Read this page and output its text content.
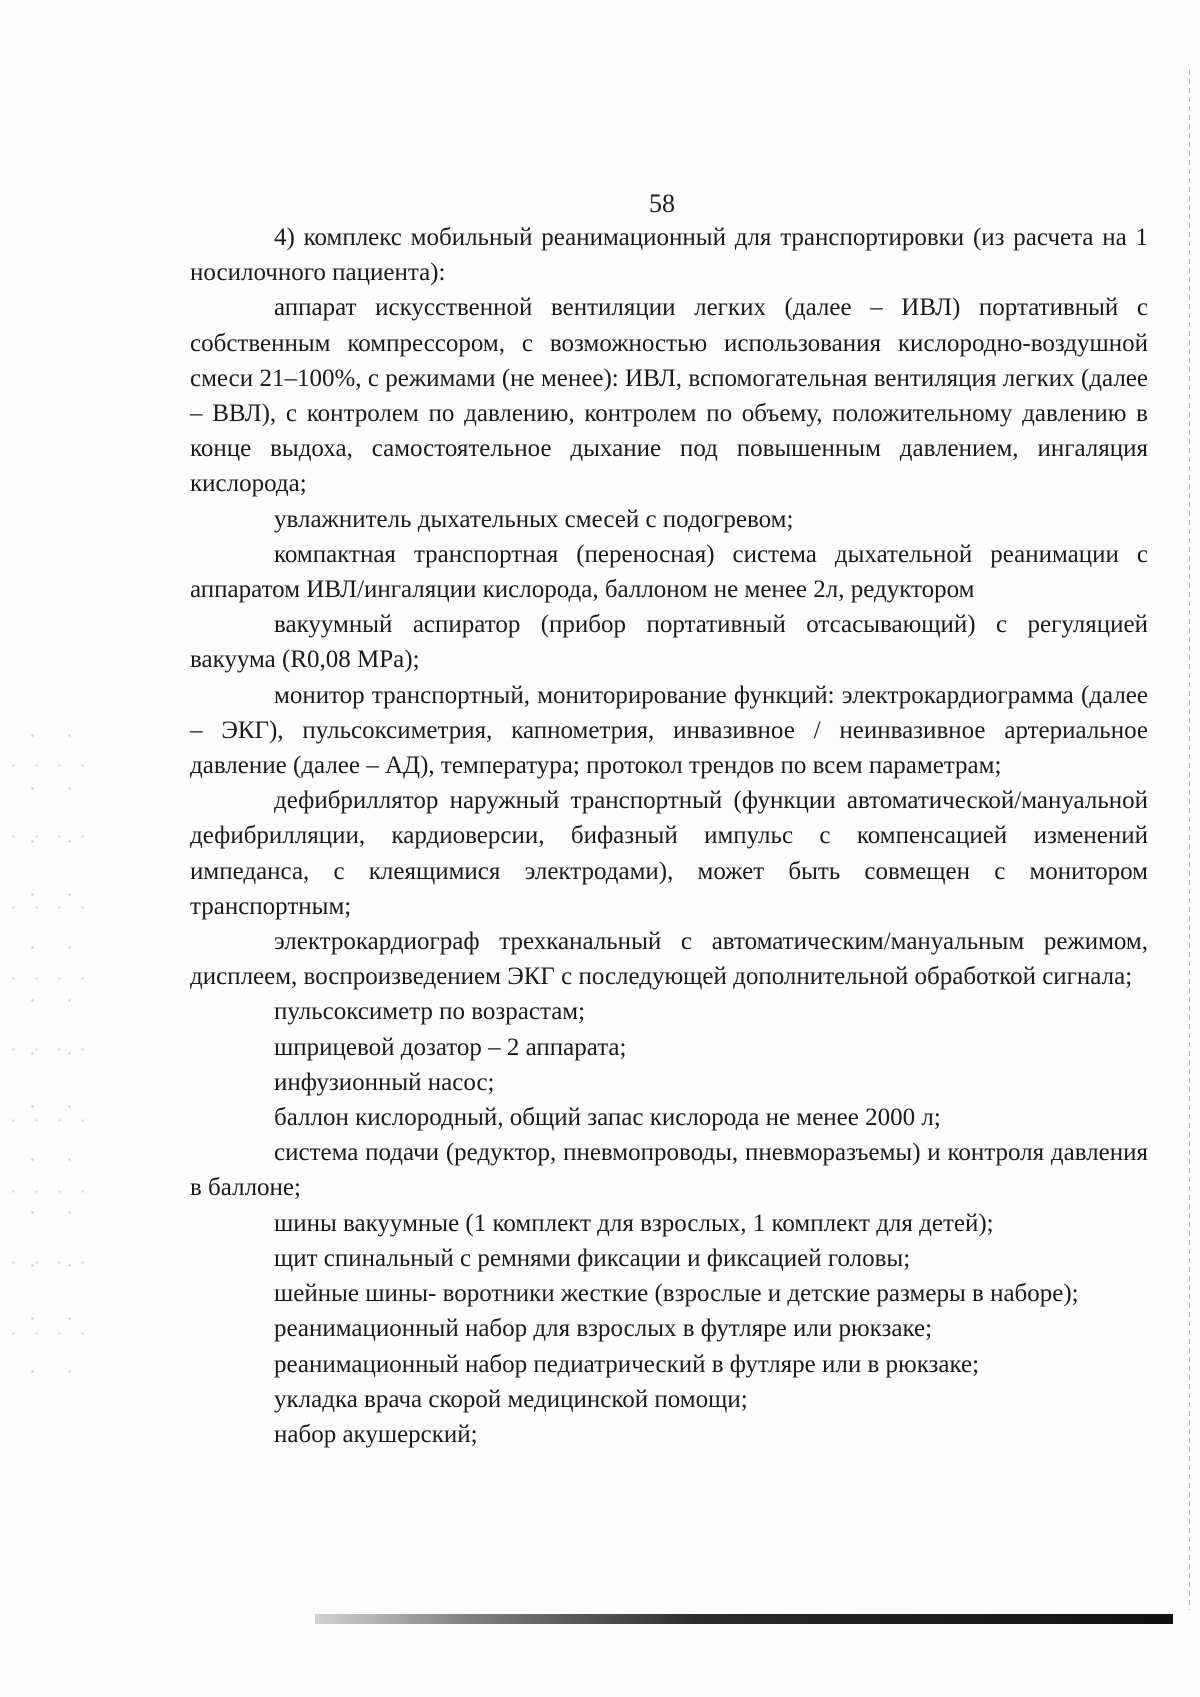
58

4) комплекс мобильный реанимационный для транспортировки (из расчета на 1 носилочного пациента):

аппарат искусственной вентиляции легких (далее – ИВЛ) портативный с собственным компрессором, с возможностью использования кислородно-воздушной смеси 21–100%, с режимами (не менее): ИВЛ, вспомогательная вентиляция легких (далее – ВВЛ), с контролем по давлению, контролем по объему, положительному давлению в конце выдоха, самостоятельное дыхание под повышенным давлением, ингаляция кислорода;

увлажнитель дыхательных смесей с подогревом;

компактная транспортная (переносная) система дыхательной реанимации с аппаратом ИВЛ/ингаляции кислорода, баллоном не менее 2л, редуктором

вакуумный аспиратор (прибор портативный отсасывающий) с регуляцией вакуума (R0,08 MPa);

монитор транспортный, мониторирование функций: электрокардиограмма (далее – ЭКГ), пульсоксиметрия, капнометрия, инвазивное / неинвазивное артериальное давление (далее – АД), температура; протокол трендов по всем параметрам;

дефибриллятор наружный транспортный (функции автоматической/мануальной дефибрилляции, кардиоверсии, бифазный импульс с компенсацией изменений импеданса, с клеящимися электродами), может быть совмещен с монитором транспортным;

электрокардиограф трехканальный с автоматическим/мануальным режимом, дисплеем, воспроизведением ЭКГ с последующей дополнительной обработкой сигнала;

пульсоксиметр по возрастам;

шприцевой дозатор – 2 аппарата;

инфузионный насос;

баллон кислородный, общий запас кислорода не менее 2000 л;

система подачи (редуктор, пневмопроводы, пневморазъемы) и контроля давления в баллоне;

шины вакуумные (1 комплект для взрослых, 1 комплект для детей);

щит спинальный с ремнями фиксации и фиксацией головы;

шейные шины- воротники жесткие (взрослые и детские размеры в наборе);

реанимационный набор для взрослых в футляре или рюкзаке;

реанимационный набор педиатрический в футляре или в рюкзаке;

укладка врача скорой медицинской помощи;

набор акушерский;
